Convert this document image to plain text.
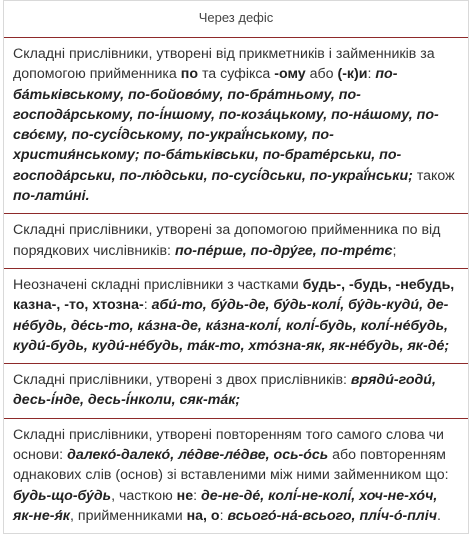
Через дефіс
Складні прислівники, утворені від прикметників і займенників за допомогою прийменника по та суфікса -ому або (-к)и: по-ба́тьківському, по-бойово́му, по-бра́тньому, по-господа́рському, по-і́ншому, по-коза́цькому, по-на́шому, по-сво́єму, по-сусі́дському, по-украї́нському, по-христия́нському; по-ба́тьківськи, по-брате́рськи, по-господа́рськи, по-лю́дськи, по-сусі́дськи, по-украї́нськи; також по-лати́ні.
Складні прислівники, утворені за допомогою прийменника по від порядкових числівників: по-пе́рше, по-дру́ге, по-тре́тє;
Неозначені складні прислівники з частками будь-, -будь, -небудь, казна-, -то, хтозна-: аби́-то, бу́дь-де, бу́дь-колі́, бу́дь-куди́, де-не́будь, де́сь-то, ка́зна-де, ка́зна-колі́, колі́-будь, колі́-не́будь, куди́-будь, куди́-не́будь, та́к-то, хто́зна-як, як-не́будь, як-де́;
Складні прислівники, утворені з двох прислівників: вряди́-годи́, десь-і́нде, десь-і́нколи, сяк-та́к;
Складні прислівники, утворені повторенням того самого слова чи основи: далеко́-далеко́, ле́две-ле́две, ось-о́сь або повторенням однакових слів (основ) зі вставленими між ними займенником що: будь-що-бу́дь, часткою не: де-не-де́, колі́-не-колі́, хоч-не-хо́ч, як-не-я́к, прийменниками на, о: всього́-на́-всього, плі́ч-о́-пліч.
